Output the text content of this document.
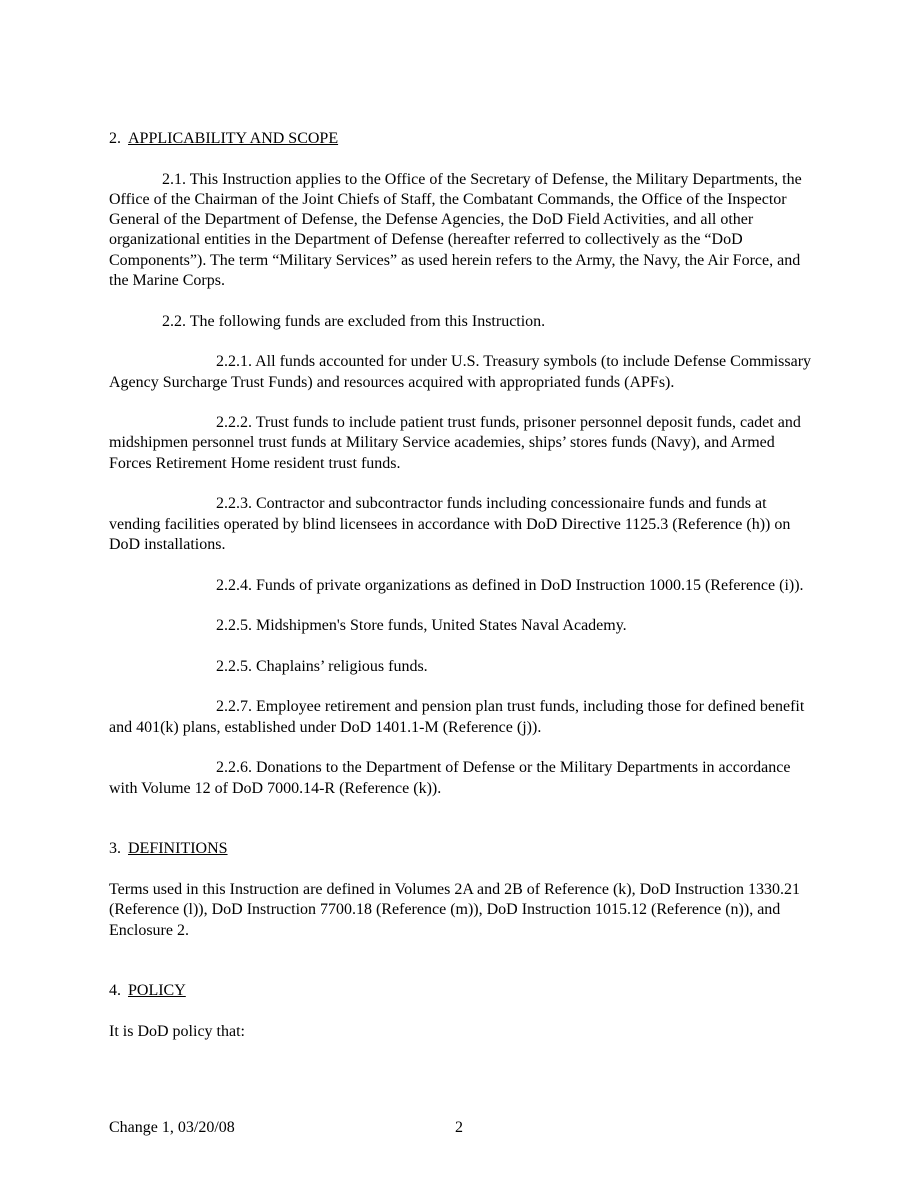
2. APPLICABILITY AND SCOPE

2.1. This Instruction applies to the Office of the Secretary of Defense, the Military Departments, the Office of the Chairman of the Joint Chiefs of Staff, the Combatant Commands, the Office of the Inspector General of the Department of Defense, the Defense Agencies, the DoD Field Activities, and all other organizational entities in the Department of Defense (hereafter referred to collectively as the “DoD Components”). The term “Military Services” as used herein refers to the Army, the Navy, the Air Force, and the Marine Corps.

2.2. The following funds are excluded from this Instruction.

2.2.1. All funds accounted for under U.S. Treasury symbols (to include Defense Commissary Agency Surcharge Trust Funds) and resources acquired with appropriated funds (APFs).

2.2.2. Trust funds to include patient trust funds, prisoner personnel deposit funds, cadet and midshipmen personnel trust funds at Military Service academies, ships’ stores funds (Navy), and Armed Forces Retirement Home resident trust funds.

2.2.3. Contractor and subcontractor funds including concessionaire funds and funds at vending facilities operated by blind licensees in accordance with DoD Directive 1125.3 (Reference (h)) on DoD installations.

2.2.4. Funds of private organizations as defined in DoD Instruction 1000.15 (Reference (i)).

2.2.5. Midshipmen's Store funds, United States Naval Academy.

2.2.5. Chaplains’ religious funds.

2.2.7. Employee retirement and pension plan trust funds, including those for defined benefit and 401(k) plans, established under DoD 1401.1-M (Reference (j)).

2.2.6. Donations to the Department of Defense or the Military Departments in accordance with Volume 12 of DoD 7000.14-R (Reference (k)).

3. DEFINITIONS

Terms used in this Instruction are defined in Volumes 2A and 2B of Reference (k), DoD Instruction 1330.21 (Reference (l)), DoD Instruction 7700.18 (Reference (m)), DoD Instruction 1015.12 (Reference (n)), and Enclosure 2.

4. POLICY

It is DoD policy that:

Change 1, 03/20/08	2
